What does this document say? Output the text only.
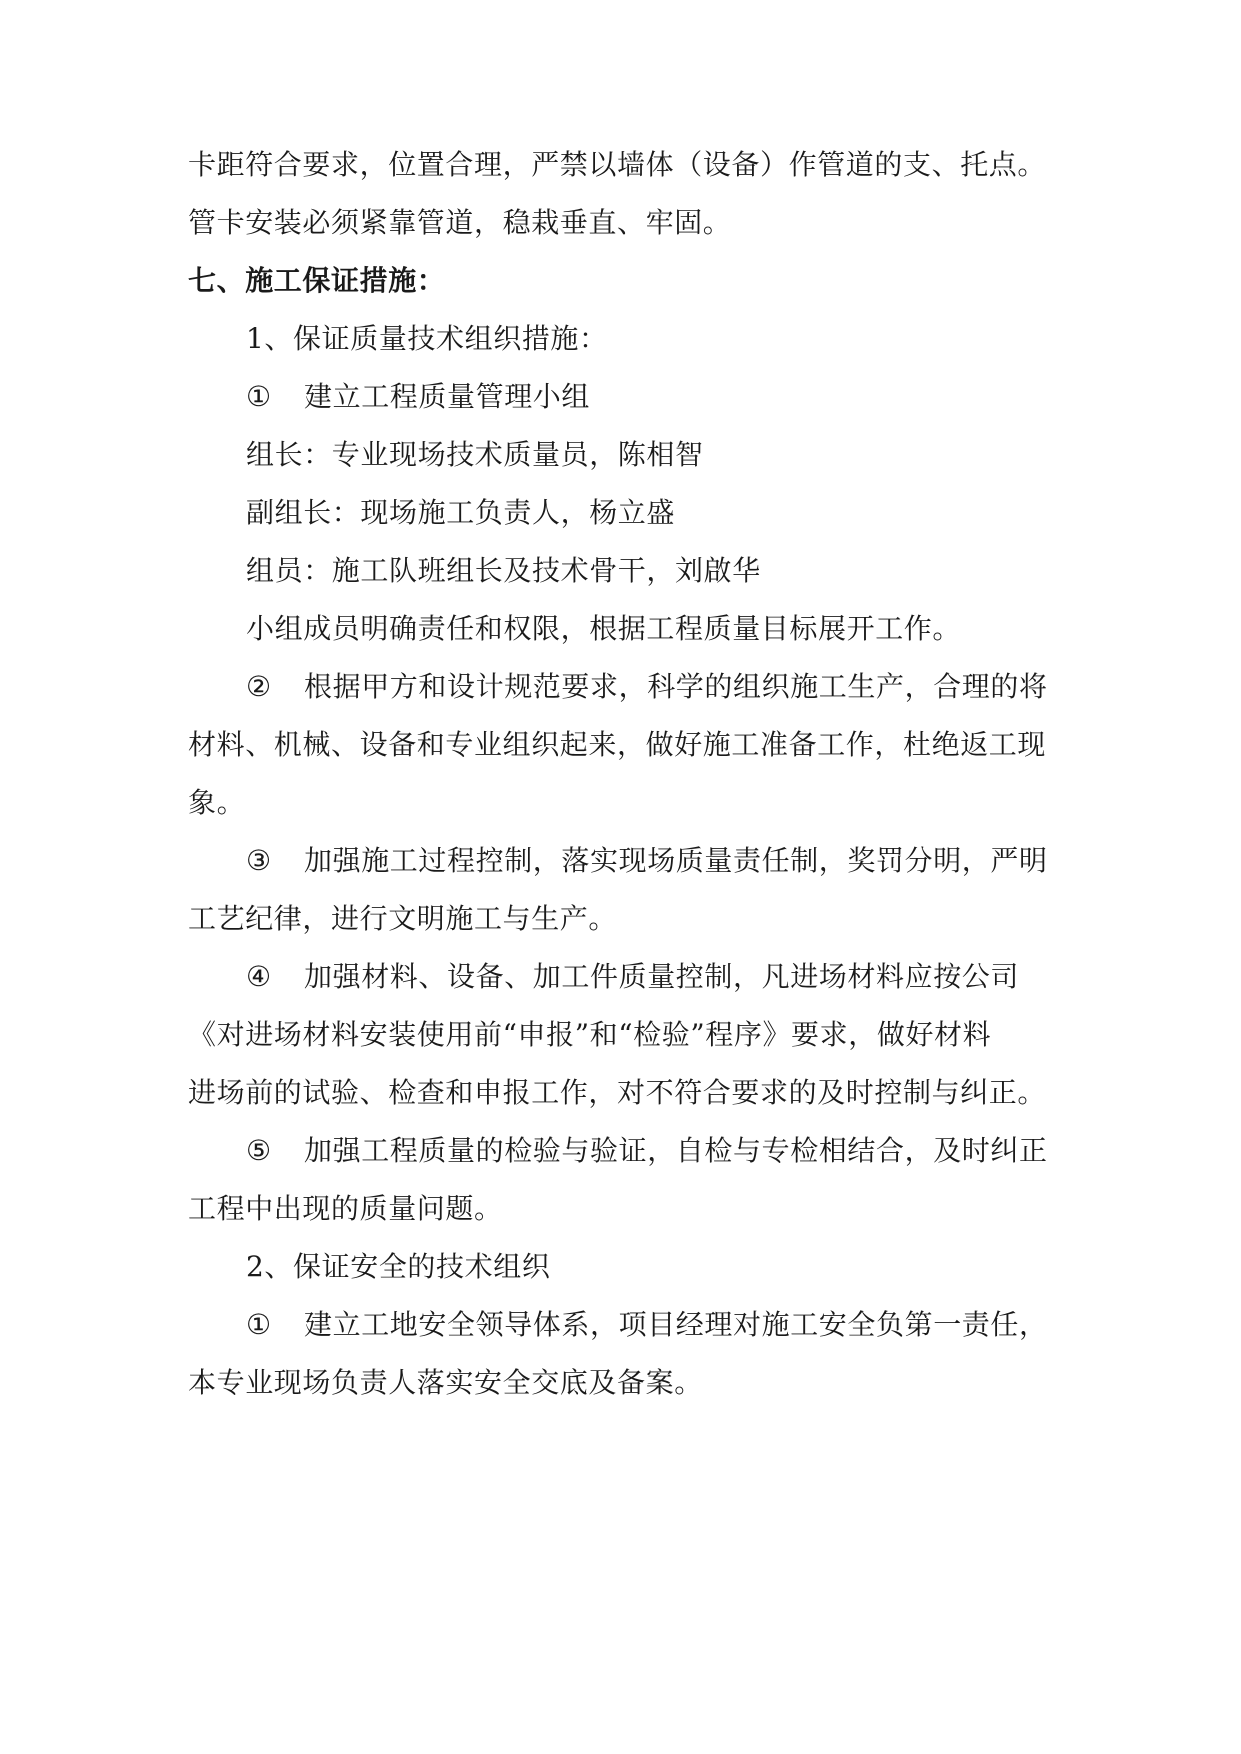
卡距符合要求，位置合理，严禁以墙体（设备）作管道的支、托点。
管卡安装必须紧靠管道，稳栽垂直、牢固。
七、施工保证措施：
1、保证质量技术组织措施：
① 建立工程质量管理小组
组长：专业现场技术质量员，陈相智
副组长：现场施工负责人，杨立盛
组员：施工队班组长及技术骨干，刘啟华
小组成员明确责任和权限，根据工程质量目标展开工作。
② 根据甲方和设计规范要求，科学的组织施工生产，合理的将
材料、机械、设备和专业组织起来，做好施工准备工作，杜绝返工现
象。
③ 加强施工过程控制，落实现场质量责任制，奖罚分明，严明
工艺纪律，进行文明施工与生产。
④ 加强材料、设备、加工件质量控制，凡进场材料应按公司
《对进场材料安装使用前“申报”和“检验”程序》要求，做好材料
进场前的试验、检查和申报工作，对不符合要求的及时控制与纠正。
⑤ 加强工程质量的检验与验证，自检与专检相结合，及时纠正
工程中出现的质量问题。
2、保证安全的技术组织
① 建立工地安全领导体系，项目经理对施工安全负第一责任，
本专业现场负责人落实安全交底及备案。
